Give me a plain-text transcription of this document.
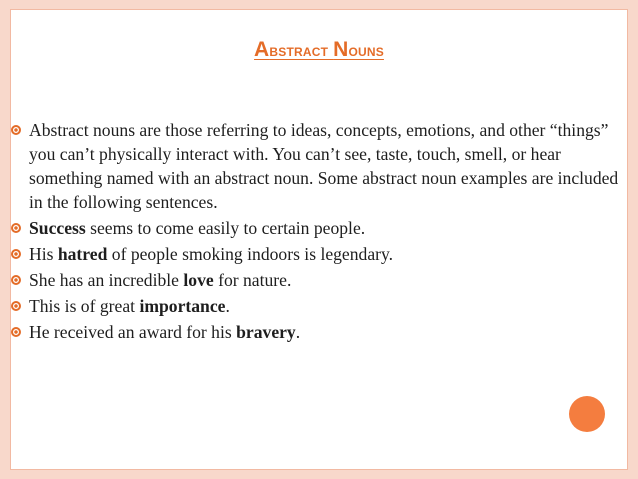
Abstract Nouns
Abstract nouns are those referring to ideas, concepts, emotions, and other “things” you can’t physically interact with. You can’t see, taste, touch, smell, or hear something named with an abstract noun. Some abstract noun examples are included in the following sentences.
Success seems to come easily to certain people.
His hatred of people smoking indoors is legendary.
She has an incredible love for nature.
This is of great importance.
He received an award for his bravery.
